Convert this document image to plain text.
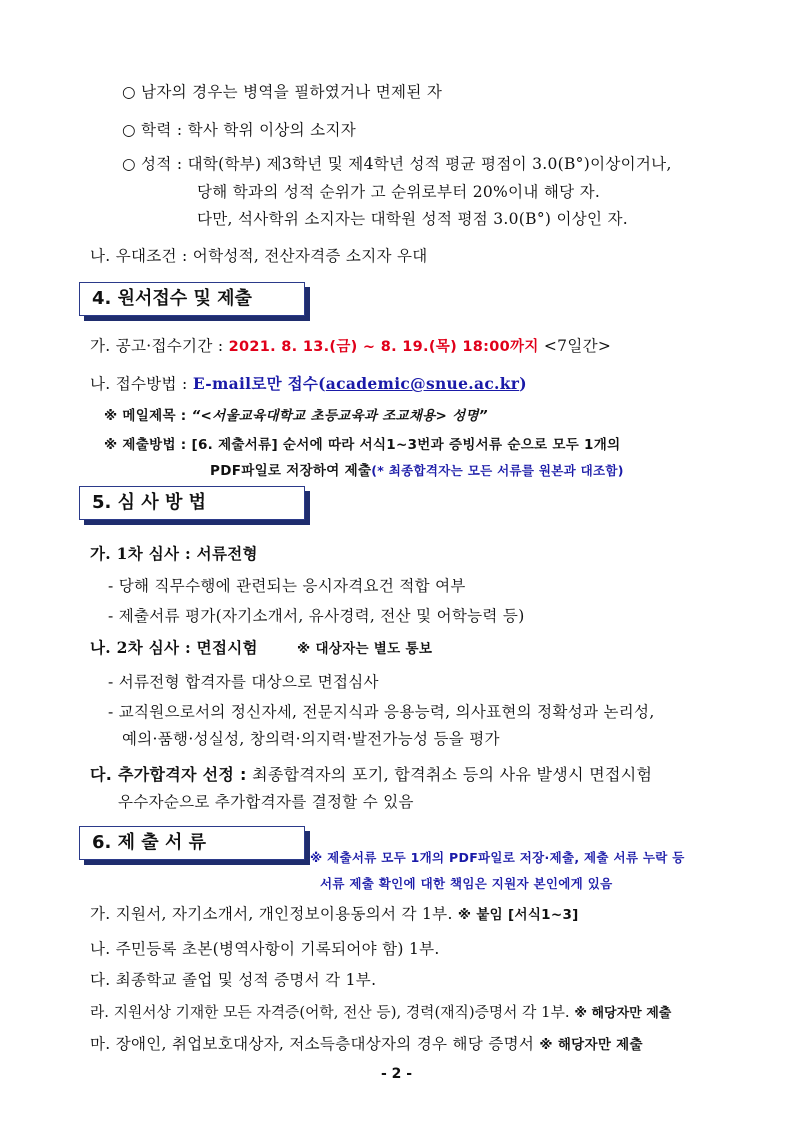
○ 남자의 경우는 병역을 필하였거나 면제된 자
○ 학력 : 학사 학위 이상의 소지자
○ 성적 : 대학(학부) 제3학년 및 제4학년 성적 평균 평점이 3.0(B°)이상이거나,
당해 학과의 성적 순위가 고 순위로부터 20%이내 해당 자.
다만, 석사학위 소지자는 대학원 성적 평점 3.0(B°) 이상인 자.
나. 우대조건 : 어학성적, 전산자격증 소지자 우대
4. 원서접수 및 제출
가. 공고·접수기간 : 2021. 8. 13.(금) ~ 8. 19.(목) 18:00까지 <7일간>
나. 접수방법 : E-mail로만 접수(academic@snue.ac.kr)
※ 메일제목 : “<서울교육대학교 초등교육과 조교채용> 성명”
※ 제출방법 : [6. 제출서류] 순서에 따라 서식1~3번과 증빙서류 순으로 모두 1개의
PDF파일로 저장하여 제출(* 최종합격자는 모든 서류를 원본과 대조함)
5. 심 사 방 법
가. 1차 심사 : 서류전형
- 당해 직무수행에 관련되는 응시자격요건 적합 여부
- 제출서류 평가(자기소개서, 유사경력, 전산 및 어학능력 등)
나. 2차 심사 : 면접시험	※ 대상자는 별도 통보
- 서류전형 합격자를 대상으로 면접심사
- 교직원으로서의 정신자세, 전문지식과 응용능력, 의사표현의 정확성과 논리성,
예의·품행·성실성, 창의력·의지력·발전가능성 등을 평가
다. 추가합격자 선정 : 최종합격자의 포기, 합격취소 등의 사유 발생시 면접시험
우수자순으로 추가합격자를 결정할 수 있음
6. 제 출 서 류
※ 제출서류 모두 1개의 PDF파일로 저장·제출, 제출 서류 누락 등
서류 제출 확인에 대한 책임은 지원자 본인에게 있음
가. 지원서, 자기소개서, 개인정보이용동의서 각 1부. ※ 붙임 [서식1~3]
나. 주민등록 초본(병역사항이 기록되어야 함) 1부.
다. 최종학교 졸업 및 성적 증명서 각 1부.
라. 지원서상 기재한 모든 자격증(어학, 전산 등), 경력(재직)증명서 각 1부. ※ 해당자만 제출
마. 장애인, 취업보호대상자, 저소득층대상자의 경우 해당 증명서 ※ 해당자만 제출
- 2 -
